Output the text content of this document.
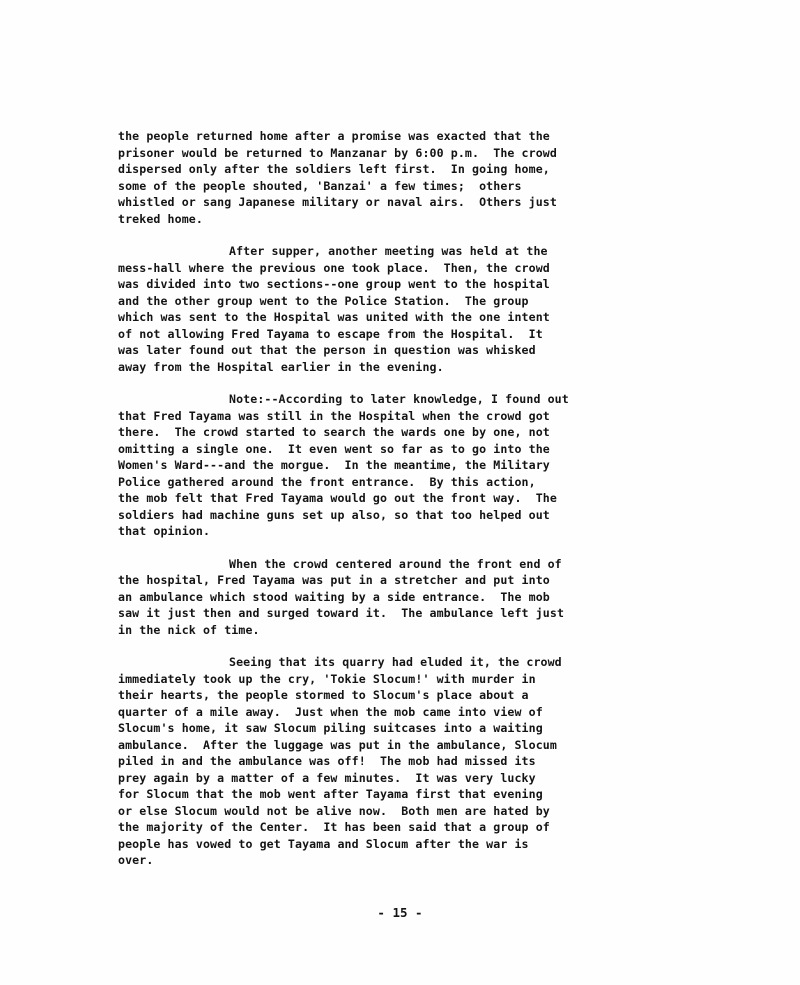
the people returned home after a promise was exacted that the
prisoner would be returned to Manzanar by 6:00 p.m.  The crowd
dispersed only after the soldiers left first.  In going home,
some of the people shouted, 'Banzai' a few times;  others
whistled or sang Japanese military or naval airs.  Others just
treked home.

After supper, another meeting was held at the
mess-hall where the previous one took place.  Then, the crowd
was divided into two sections--one group went to the hospital
and the other group went to the Police Station.  The group
which was sent to the Hospital was united with the one intent
of not allowing Fred Tayama to escape from the Hospital.  It
was later found out that the person in question was whisked
away from the Hospital earlier in the evening.

Note:--According to later knowledge, I found out
that Fred Tayama was still in the Hospital when the crowd got
there.  The crowd started to search the wards one by one, not
omitting a single one.  It even went so far as to go into the
Women's Ward---and the morgue.  In the meantime, the Military
Police gathered around the front entrance.  By this action,
the mob felt that Fred Tayama would go out the front way.  The
soldiers had machine guns set up also, so that too helped out
that opinion.

When the crowd centered around the front end of
the hospital, Fred Tayama was put in a stretcher and put into
an ambulance which stood waiting by a side entrance.  The mob
saw it just then and surged toward it.  The ambulance left just
in the nick of time.

Seeing that its quarry had eluded it, the crowd
immediately took up the cry, 'Tokie Slocum!' with murder in
their hearts, the people stormed to Slocum's place about a
quarter of a mile away.  Just when the mob came into view of
Slocum's home, it saw Slocum piling suitcases into a waiting
ambulance.  After the luggage was put in the ambulance, Slocum
piled in and the ambulance was off!  The mob had missed its
prey again by a matter of a few minutes.  It was very lucky
for Slocum that the mob went after Tayama first that evening
or else Slocum would not be alive now.  Both men are hated by
the majority of the Center.  It has been said that a group of
people has vowed to get Tayama and Slocum after the war is
over.

- 15 -
